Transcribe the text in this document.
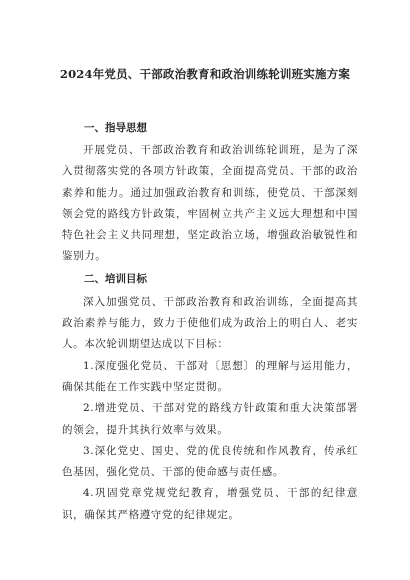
2024年党员、干部政治教育和政治训练轮训班实施方案

一、指导思想

开展党员、干部政治教育和政治训练轮训班，是为了深入贯彻落实党的各项方针政策，全面提高党员、干部的政治素养和能力。通过加强政治教育和训练，使党员、干部深刻领会党的路线方针政策，牢固树立共产主义远大理想和中国特色社会主义共同理想，坚定政治立场，增强政治敏锐性和鉴别力。

二、培训目标

深入加强党员、干部政治教育和政治训练，全面提高其政治素养与能力，致力于使他们成为政治上的明白人、老实人。本次轮训期望达成以下目标：

1.深度强化党员、干部对〔思想〕的理解与运用能力，确保其能在工作实践中坚定贯彻。

2.增进党员、干部对党的路线方针政策和重大决策部署的领会，提升其执行效率与效果。

3.深化党史、国史、党的优良传统和作风教育，传承红色基因，强化党员、干部的使命感与责任感。

4.巩固党章党规党纪教育，增强党员、干部的纪律意识，确保其严格遵守党的纪律规定。
